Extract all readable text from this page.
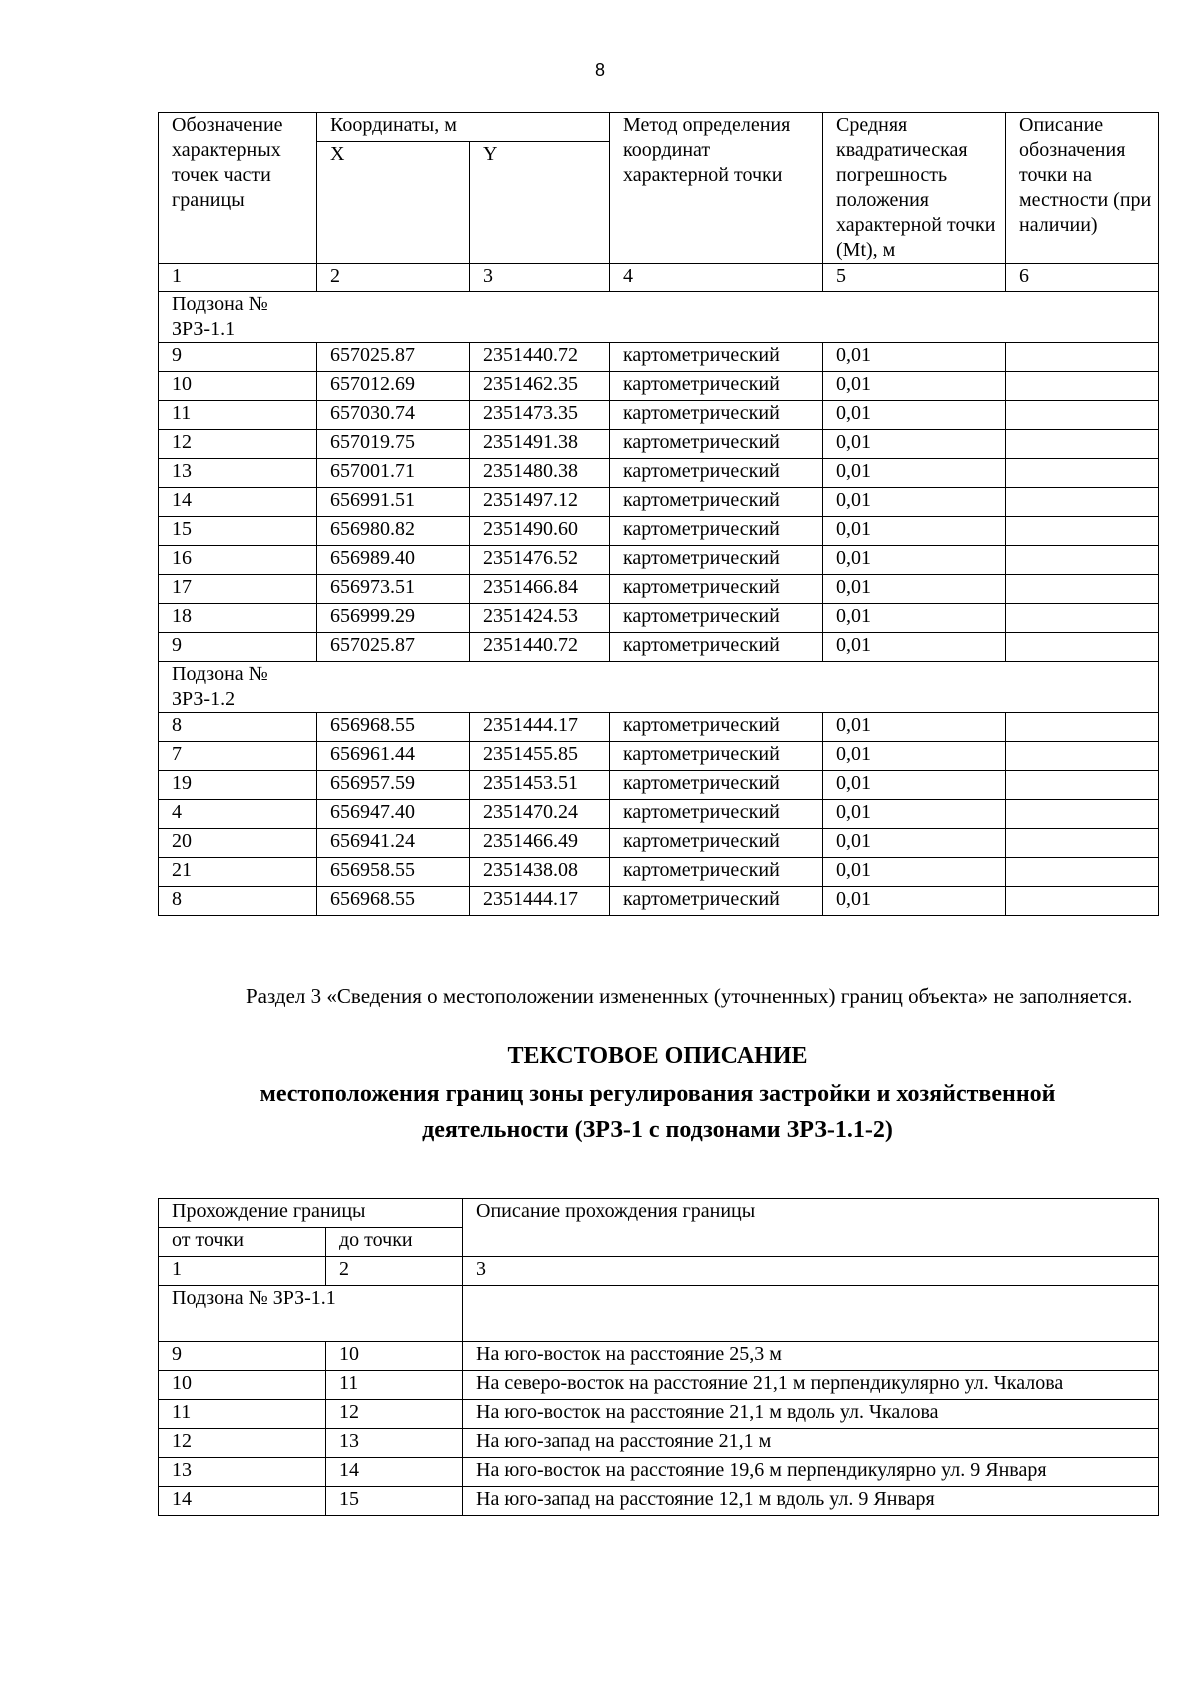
8
Обозначение характерных точек части границы	Координаты, м		Метод определения координат характерной точки	Средняя квадратическая погрешность положения характерной точки (Mt), м	Описание обозначения точки на местности (при наличии)
	X	Y			
1	2	3	4	5	6
Подзона № ЗРЗ-1.1					
9	657025.87	2351440.72	картометрический	0,01	
10	657012.69	2351462.35	картометрический	0,01	
11	657030.74	2351473.35	картометрический	0,01	
12	657019.75	2351491.38	картометрический	0,01	
13	657001.71	2351480.38	картометрический	0,01	
14	656991.51	2351497.12	картометрический	0,01	
15	656980.82	2351490.60	картометрический	0,01	
16	656989.40	2351476.52	картометрический	0,01	
17	656973.51	2351466.84	картометрический	0,01	
18	656999.29	2351424.53	картометрический	0,01	
9	657025.87	2351440.72	картометрический	0,01	
Подзона № ЗРЗ-1.2					
8	656968.55	2351444.17	картометрический	0,01	
7	656961.44	2351455.85	картометрический	0,01	
19	656957.59	2351453.51	картометрический	0,01	
4	656947.40	2351470.24	картометрический	0,01	
20	656941.24	2351466.49	картометрический	0,01	
21	656958.55	2351438.08	картометрический	0,01	
8	656968.55	2351444.17	картометрический	0,01	

Раздел 3 «Сведения о местоположении измененных (уточненных) границ объекта» не заполняется.

ТЕКСТОВОЕ ОПИСАНИЕ
местоположения границ зоны регулирования застройки и хозяйственной
деятельности (ЗРЗ-1 с подзонами ЗРЗ-1.1-2)
Прохождение границы		Описание прохождения границы
от точки	до точки	
1	2	3
Подзона № ЗРЗ-1.1		
9	10	На юго-восток на расстояние 25,3 м
10	11	На северо-восток на расстояние 21,1 м перпендикулярно ул. Чкалова
11	12	На юго-восток на расстояние 21,1 м вдоль ул. Чкалова
12	13	На юго-запад на расстояние 21,1 м
13	14	На юго-восток на расстояние 19,6 м перпендикулярно ул. 9 Января
14	15	На юго-запад на расстояние 12,1 м вдоль ул. 9 Января
